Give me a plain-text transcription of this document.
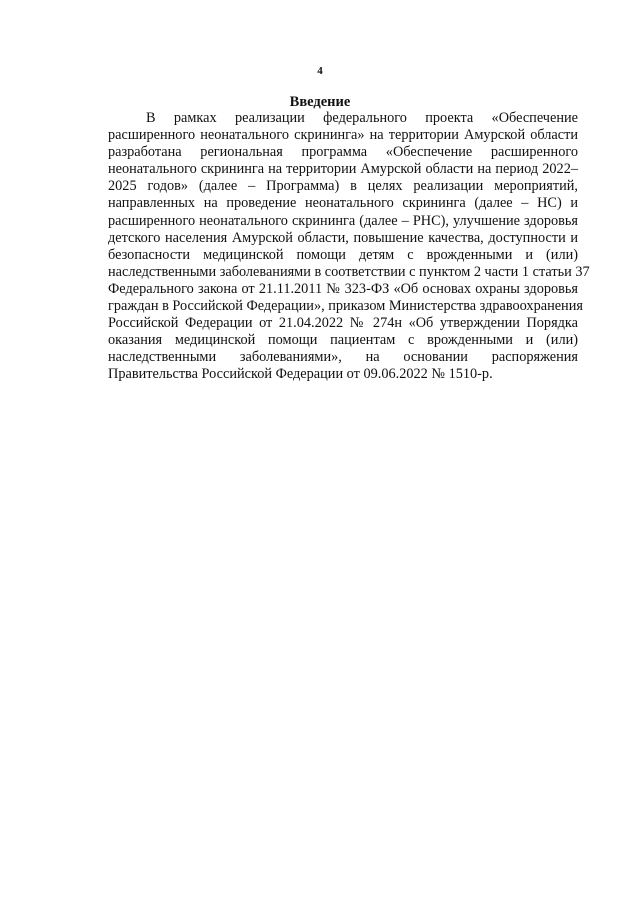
4
Введение
В рамках реализации федерального проекта «Обеспечение
расширенного неонатального скрининга» на территории Амурской области
разработана региональная программа «Обеспечение расширенного
неонатального скрининга на территории Амурской области на период 2022–
2025 годов» (далее – Программа) в целях реализации мероприятий,
направленных на проведение неонатального скрининга (далее – НС) и
расширенного неонатального скрининга (далее – РНС), улучшение здоровья
детского населения Амурской области, повышение качества, доступности и
безопасности медицинской помощи детям с врожденными и (или)
наследственными заболеваниями в соответствии с пунктом 2 части 1 статьи 37
Федерального закона от 21.11.2011 № 323-ФЗ «Об основах охраны здоровья
граждан в Российской Федерации», приказом Министерства здравоохранения
Российской Федерации от 21.04.2022 № 274н «Об утверждении Порядка
оказания медицинской помощи пациентам с врожденными и (или)
наследственными заболеваниями», на основании распоряжения
Правительства Российской Федерации от 09.06.2022 № 1510-р.
